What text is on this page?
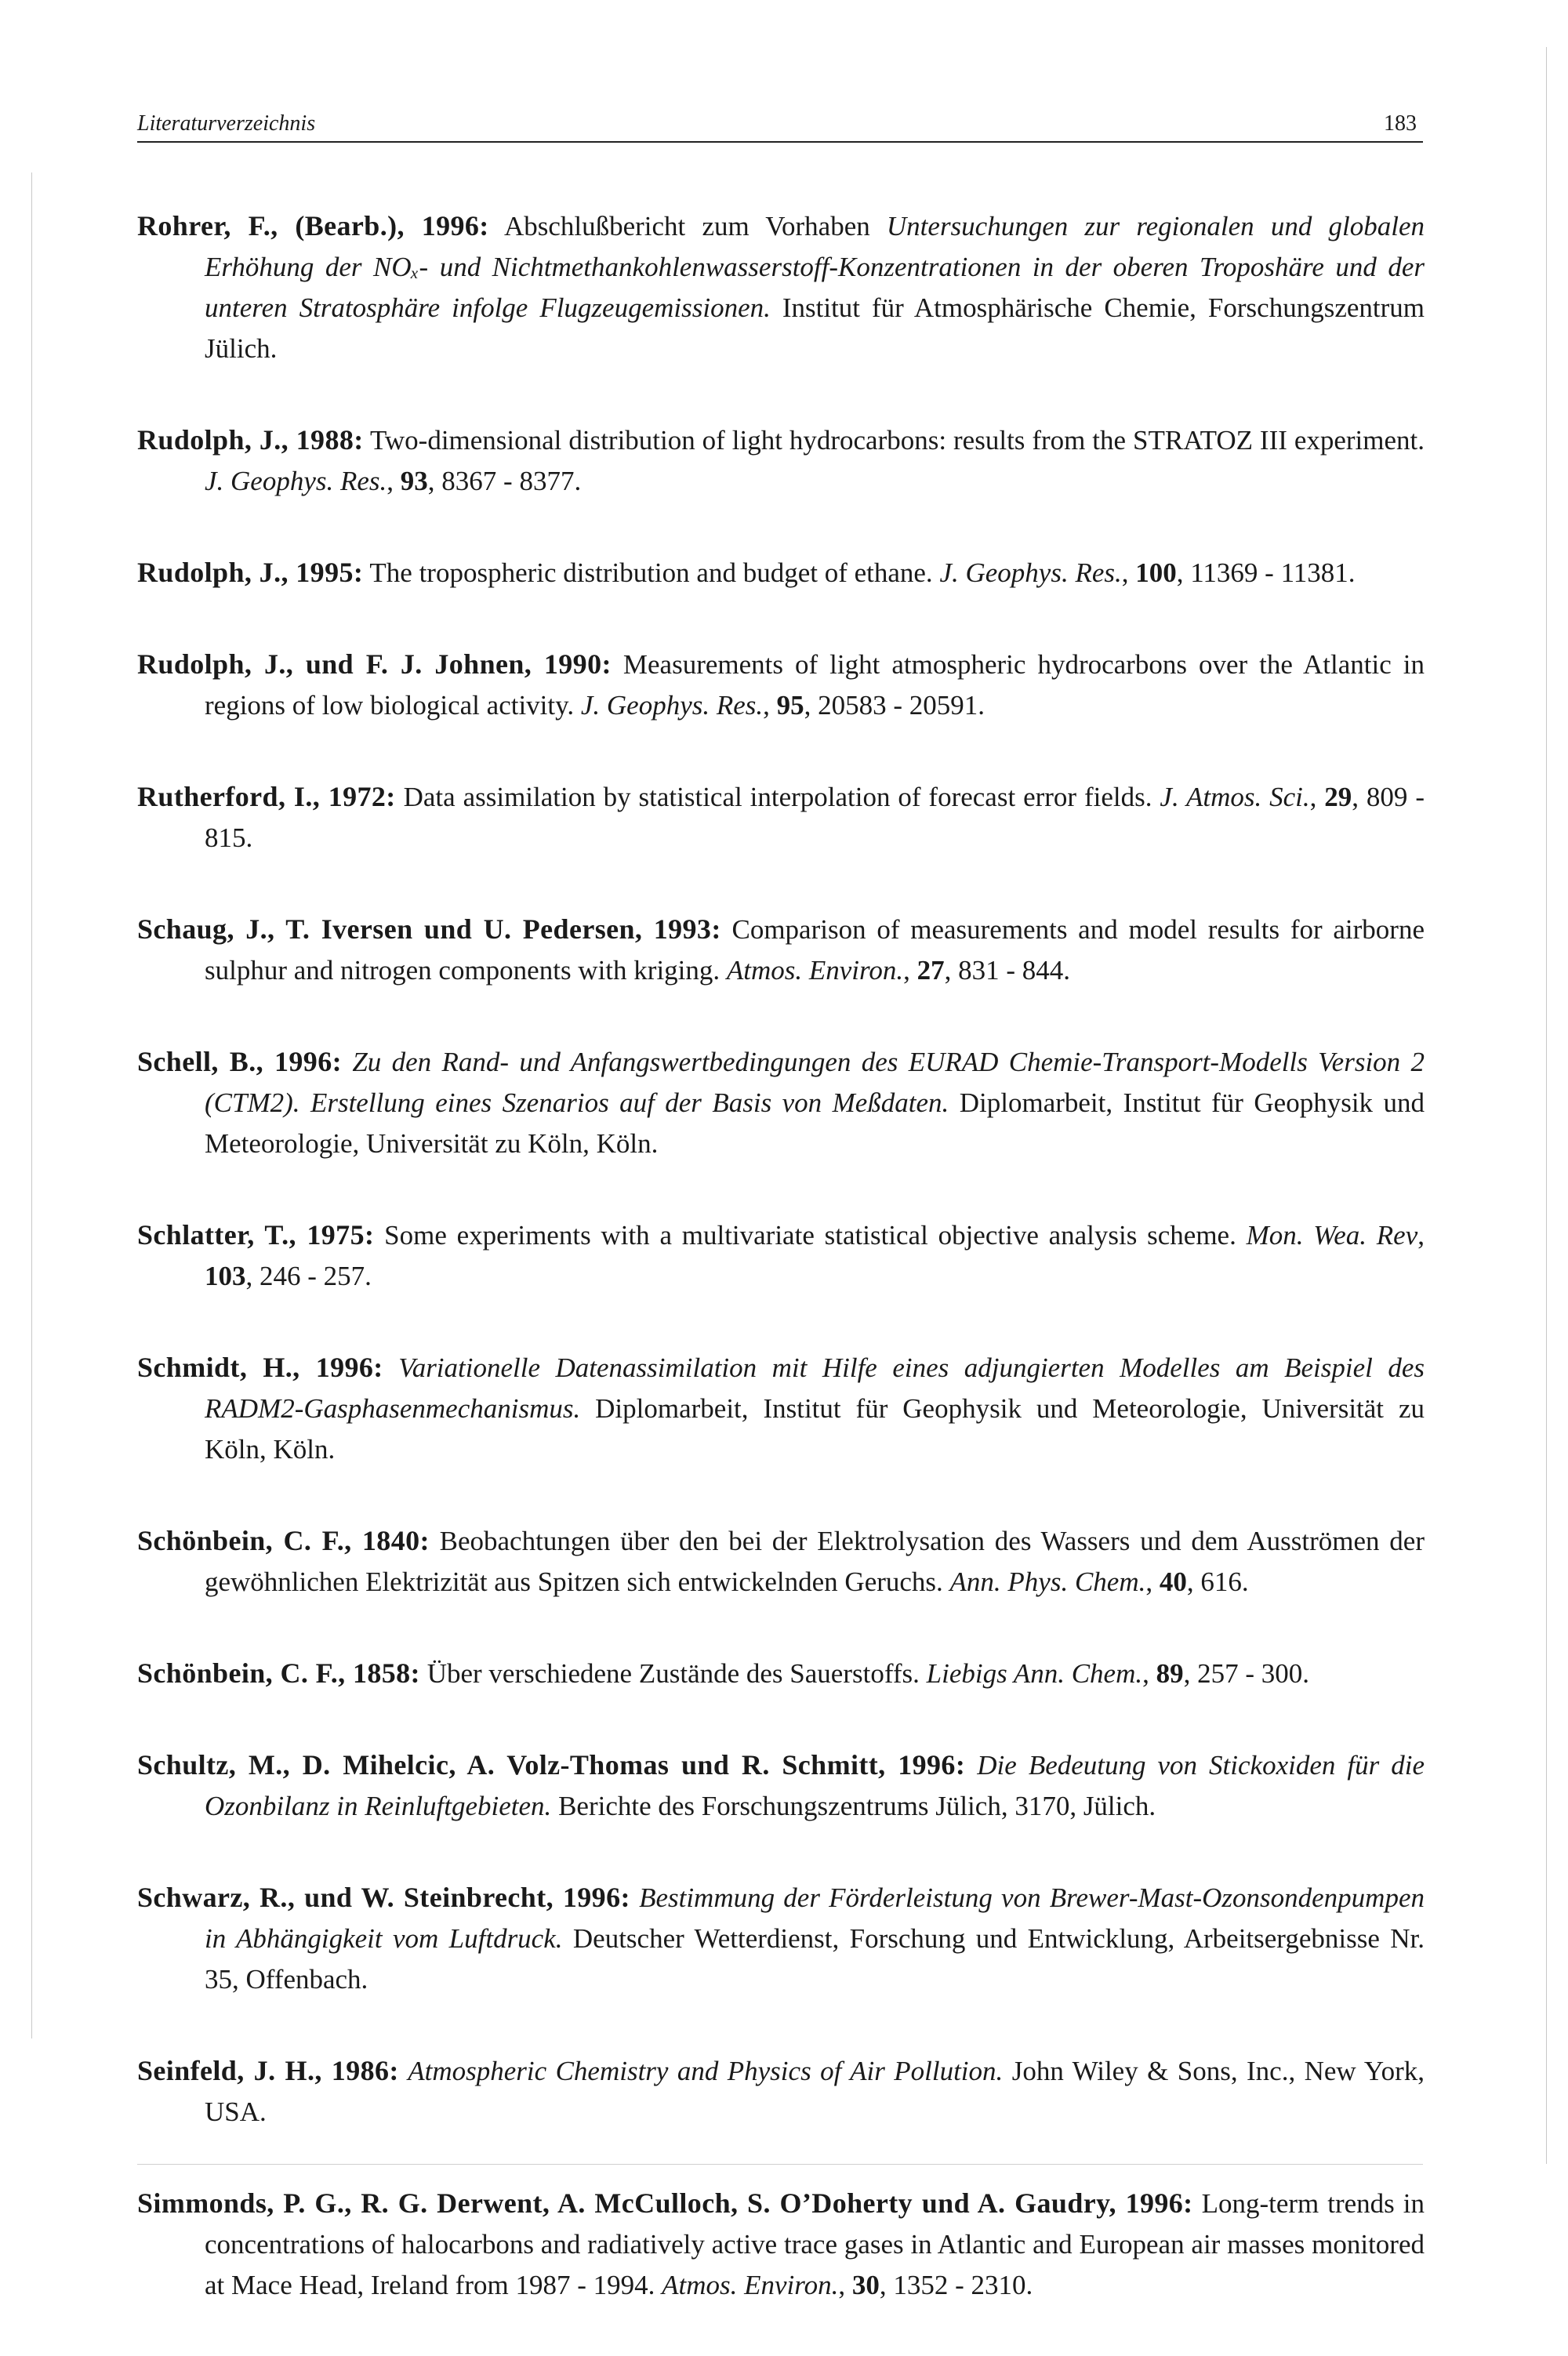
Literaturverzeichnis	183

Rohrer, F., (Bearb.), 1996: Abschlußbericht zum Vorhaben Untersuchungen zur regionalen und globalen Erhöhung der NOₓ- und Nichtmethankohlenwasserstoff-Konzentrationen in der oberen Troposhäre und der unteren Stratosphäre infolge Flugzeugemissionen. Institut für Atmosphärische Chemie, Forschungszentrum Jülich.

Rudolph, J., 1988: Two-dimensional distribution of light hydrocarbons: results from the STRATOZ III experiment. J. Geophys. Res., 93, 8367 - 8377.

Rudolph, J., 1995: The tropospheric distribution and budget of ethane. J. Geophys. Res., 100, 11369 - 11381.

Rudolph, J., und F. J. Johnen, 1990: Measurements of light atmospheric hydrocarbons over the Atlantic in regions of low biological activity. J. Geophys. Res., 95, 20583 - 20591.

Rutherford, I., 1972: Data assimilation by statistical interpolation of forecast error fields. J. Atmos. Sci., 29, 809 - 815.

Schaug, J., T. Iversen und U. Pedersen, 1993: Comparison of measurements and model results for airborne sulphur and nitrogen components with kriging. Atmos. Environ., 27, 831 - 844.

Schell, B., 1996: Zu den Rand- und Anfangswertbedingungen des EURAD Chemie-Transport-Modells Version 2 (CTM2). Erstellung eines Szenarios auf der Basis von Meßdaten. Diplomarbeit, Institut für Geophysik und Meteorologie, Universität zu Köln, Köln.

Schlatter, T., 1975: Some experiments with a multivariate statistical objective analysis scheme. Mon. Wea. Rev, 103, 246 - 257.

Schmidt, H., 1996: Variationelle Datenassimilation mit Hilfe eines adjungierten Modelles am Beispiel des RADM2-Gasphasenmechanismus. Diplomarbeit, Institut für Geophysik und Meteorologie, Universität zu Köln, Köln.

Schönbein, C. F., 1840: Beobachtungen über den bei der Elektrolysation des Wassers und dem Ausströmen der gewöhnlichen Elektrizität aus Spitzen sich entwickelnden Geruchs. Ann. Phys. Chem., 40, 616.

Schönbein, C. F., 1858: Über verschiedene Zustände des Sauerstoffs. Liebigs Ann. Chem., 89, 257 - 300.

Schultz, M., D. Mihelcic, A. Volz-Thomas und R. Schmitt, 1996: Die Bedeutung von Stickoxiden für die Ozonbilanz in Reinluftgebieten. Berichte des Forschungszentrums Jülich, 3170, Jülich.

Schwarz, R., und W. Steinbrecht, 1996: Bestimmung der Förderleistung von Brewer-Mast-Ozonsondenpumpen in Abhängigkeit vom Luftdruck. Deutscher Wetterdienst, Forschung und Entwicklung, Arbeitsergebnisse Nr. 35, Offenbach.

Seinfeld, J. H., 1986: Atmospheric Chemistry and Physics of Air Pollution. John Wiley & Sons, Inc., New York, USA.

Simmonds, P. G., R. G. Derwent, A. McCulloch, S. O’Doherty und A. Gaudry, 1996: Long-term trends in concentrations of halocarbons and radiatively active trace gases in Atlantic and European air masses monitored at Mace Head, Ireland from 1987 - 1994. Atmos. Environ., 30, 1352 - 2310.
